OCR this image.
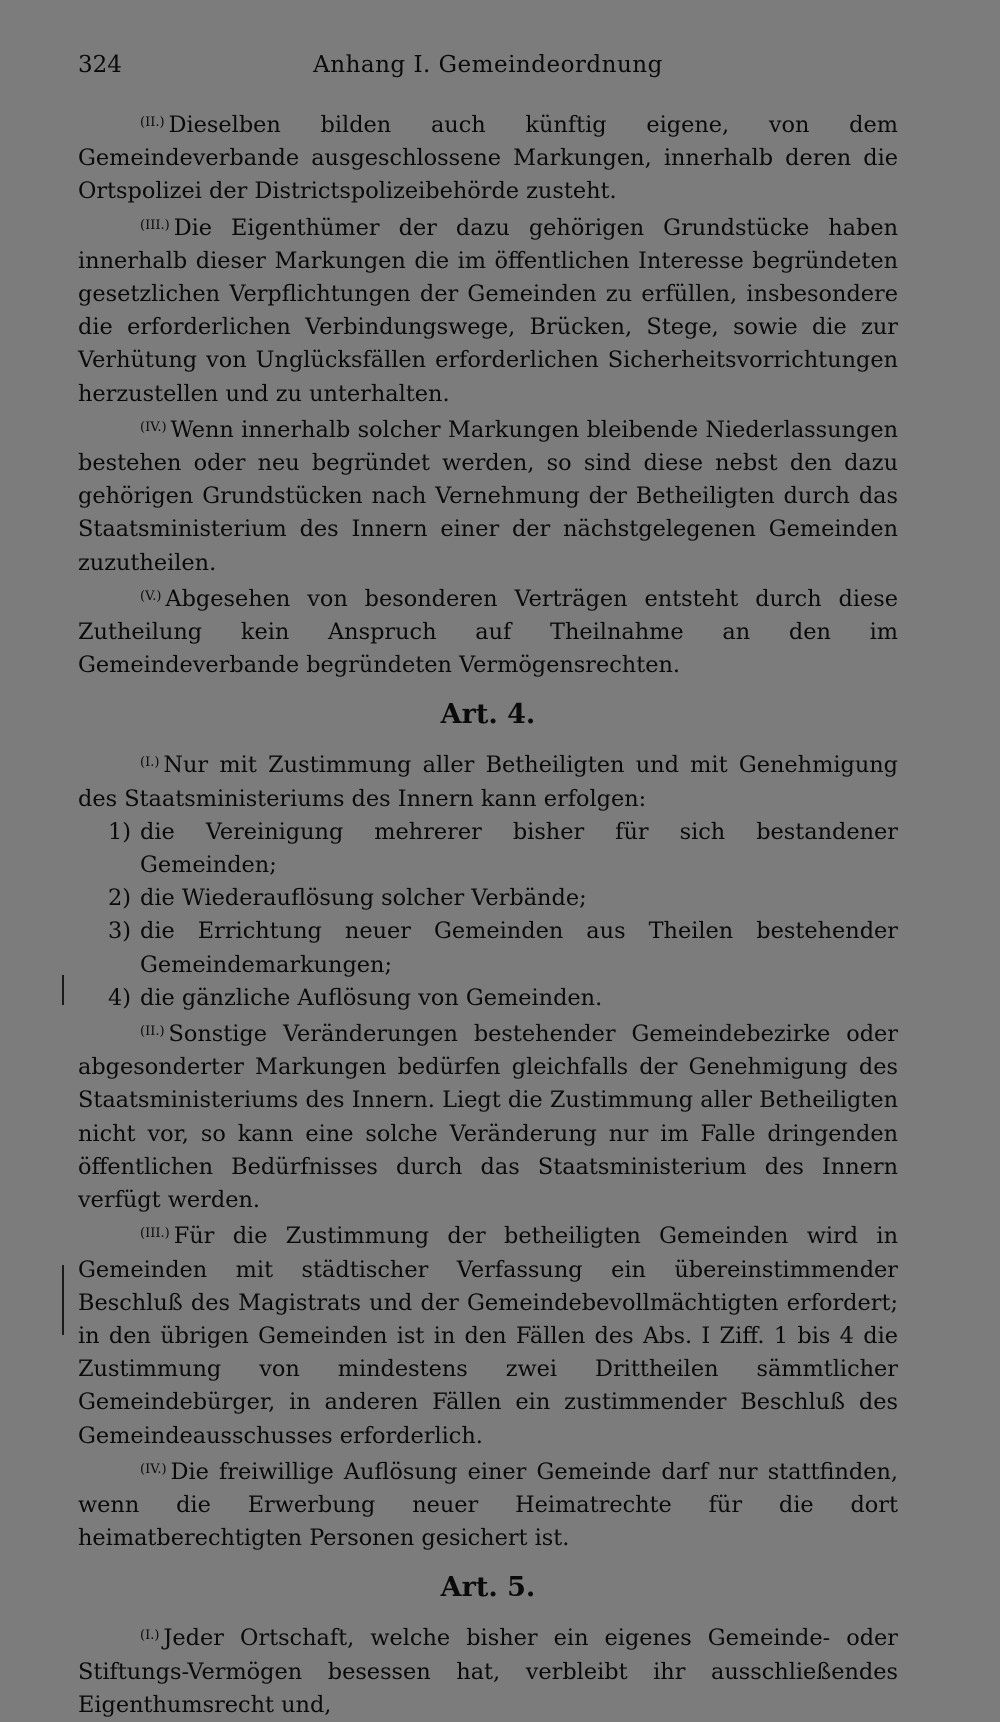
324	Anhang I. Gemeindeordnung

$^{(II.)}$ Dieselben bilden auch künftig eigene, von dem Gemeindeverbande ausgeschlossene Markungen, innerhalb deren die Ortspolizei der Districtspolizeibehörde zusteht.

$^{(III.)}$ Die Eigenthümer der dazu gehörigen Grundstücke haben innerhalb dieser Markungen die im öffentlichen Interesse begründeten gesetzlichen Verpflichtungen der Gemeinden zu erfüllen, insbesondere die erforderlichen Verbindungswege, Brücken, Stege, sowie die zur Verhütung von Unglücksfällen erforderlichen Sicherheitsvorrichtungen herzustellen und zu unterhalten.

$^{(IV.)}$ Wenn innerhalb solcher Markungen bleibende Niederlassungen bestehen oder neu begründet werden, so sind diese nebst den dazu gehörigen Grundstücken nach Vernehmung der Betheiligten durch das Staatsministerium des Innern einer der nächstgelegenen Gemeinden zuzutheilen.

$^{(V.)}$ Abgesehen von besonderen Verträgen entsteht durch diese Zutheilung kein Anspruch auf Theilnahme an den im Gemeindeverbande begründeten Vermögensrechten.

Art. 4.

$^{(I.)}$ Nur mit Zustimmung aller Betheiligten und mit Genehmigung des Staatsministeriums des Innern kann erfolgen:

1) die Vereinigung mehrerer bisher für sich bestandener Gemeinden;
2) die Wiederauflösung solcher Verbände;
3) die Errichtung neuer Gemeinden aus Theilen bestehender Gemeindemarkungen;
4) die gänzliche Auflösung von Gemeinden.

$^{(II.)}$ Sonstige Veränderungen bestehender Gemeindebezirke oder abgesonderter Markungen bedürfen gleichfalls der Genehmigung des Staatsministeriums des Innern. Liegt die Zustimmung aller Betheiligten nicht vor, so kann eine solche Veränderung nur im Falle dringenden öffentlichen Bedürfnisses durch das Staatsministerium des Innern verfügt werden.

$^{(III.)}$ Für die Zustimmung der betheiligten Gemeinden wird in Gemeinden mit städtischer Verfassung ein übereinstimmender Beschluß des Magistrats und der Gemeindebevollmächtigten erfordert; in den übrigen Gemeinden ist in den Fällen des Abs. I Ziff. 1 bis 4 die Zustimmung von mindestens zwei Drittheilen sämmtlicher Gemeindebürger, in anderen Fällen ein zustimmender Beschluß des Gemeindeausschusses erforderlich.

$^{(IV.)}$ Die freiwillige Auflösung einer Gemeinde darf nur stattfinden, wenn die Erwerbung neuer Heimatrechte für die dort heimatberechtigten Personen gesichert ist.

Art. 5.

$^{(I.)}$ Jeder Ortschaft, welche bisher ein eigenes Gemeinde- oder Stiftungs-Vermögen besessen hat, verbleibt ihr ausschließendes Eigenthumsrecht und,
